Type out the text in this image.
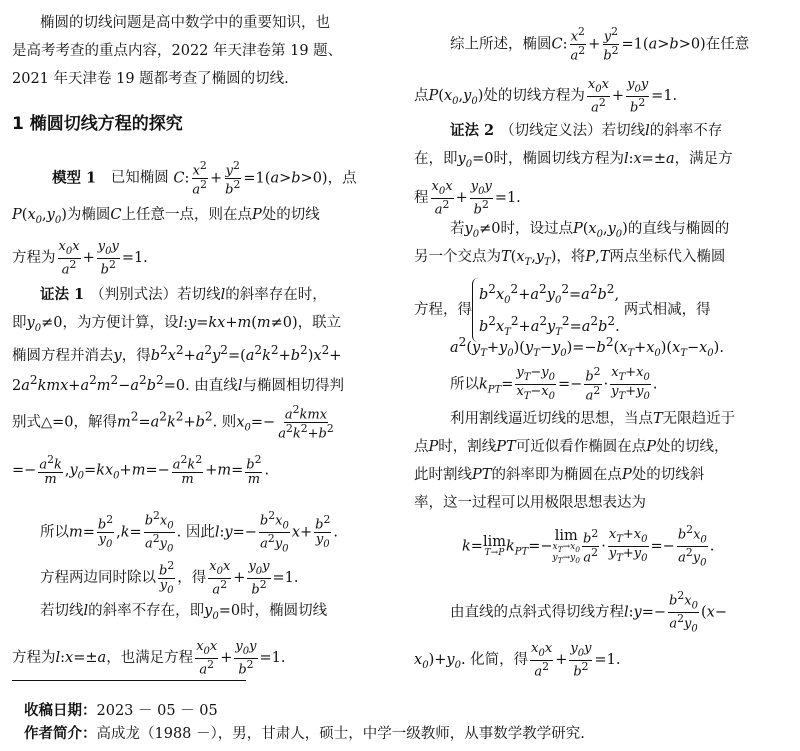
椭圆的切线问题是高中数学中的重要知识，也
是高考考查的重点内容，2022 年天津卷第 19 题、
2021 年天津卷 19 题都考查了椭圆的切线.
1 椭圆切线方程的探究
模型 1 已知椭圆 C: $\frac{x^2}{a^2} + \frac{y^2}{b^2} =1(a>b>0)$，点
$P(x_0,y_0)$为椭圆C上任意一点，则在点P处的切线
方程为 $\frac{x_0x}{a^2} + \frac{y_0y}{b^2} =1$.
证法 1 （判别式法）若切线l的斜率存在时，
即$y_0\ne 0$，为方便计算，设l:y=kx+m(m≠0)，联立
椭圆方程并消去y，得$b^2x^2+a^2y^2=(a^2k^2+b^2)x^2+$
$2a^2kmx+a^2m^2-a^2b^2=0$. 由直线l与椭圆相切得判
别式△=0，解得$m^2=a^2k^2+b^2$. 则$x_0=- \frac{a^2kmx}{a^2k^2+b^2}$
=− $\frac{a^2k}{m} ,y_0=kx_0+m=- \frac{a^2k^2}{m} +m= \frac{b^2}{m}$ .
所以$m= \frac{b^2}{y_0} ,k= \frac{b^2x_0}{a^2y_0}$ . 因此l:y=− $\frac{b^2x_0}{a^2y_0} x+ \frac{b^2}{y_0}$ .
方程两边同时除以 $\frac{b^2}{y_0}$ ，得 $\frac{x_0x}{a^2} + \frac{y_0y}{b^2} =1$.
若切线l的斜率不存在，即$y_0=0$时，椭圆切线
方程为l:x=±a，也满足方程 $\frac{x_0x}{a^2} + \frac{y_0y}{b^2} =1$.
综上所述，椭圆C: $\frac{x^2}{a^2} + \frac{y^2}{b^2} =1(a>b>0)$在任意
点$P(x_0,y_0)$处的切线方程为 $\frac{x_0x}{a^2} + \frac{y_0y}{b^2} =1$.
证法 2 （切线定义法）若切线l的斜率不存
在，即$y_0=0$时，椭圆切线方程为l:x=±a，满足方
程 $\frac{x_0x}{a^2} + \frac{y_0y}{b^2} =1$.
若$y_0\ne 0$时，设过点$P(x_0,y_0)$的直线与椭圆的
另一个交点为$T(x_T,y_T)$，将P,T两点坐标代入椭圆
方程，得
$b^2x_0^2+a^2y_0^2=a^2b^2$,
$b^2x_T^2+a^2y_T^2=a^2b^2$.
两式相减，得
$a^2(y_T+y_0)(y_T-y_0)=-b^2(x_T+x_0)(x_T-x_0)$.
所以$k_{PT}= \frac{y_T-y_0}{x_T-x_0} =- \frac{b^2}{a^2} \cdot \frac{x_T+x_0}{y_T+y_0}$ .
利用割线逼近切线的思想，当点T无限趋近于
点P时，割线PT可近似看作椭圆在点P处的切线，
此时割线PT的斜率即为椭圆在点P处的切线斜
率，这一过程可以用极限思想表达为
k= lim
T→P $k_{PT}=-$
lim
$x_T\to x_0$
$y_T\to y_0 \frac{b^2}{a^2} \cdot \frac{x_T+x_0}{y_T+y_0} =- \frac{b^2x_0}{a^2y_0}$ .
由直线的点斜式得切线方程l:y=− $\frac{b^2x_0}{a^2y_0} (x-$
$x_0)+y_0$. 化简，得 $\frac{x_0x}{a^2} + \frac{y_0y}{b^2} =1$.
收稿日期：2023 － 05 － 05
作者简介：高成龙（1988 －），男，甘肃人，硕士，中学一级教师，从事数学教学研究.
